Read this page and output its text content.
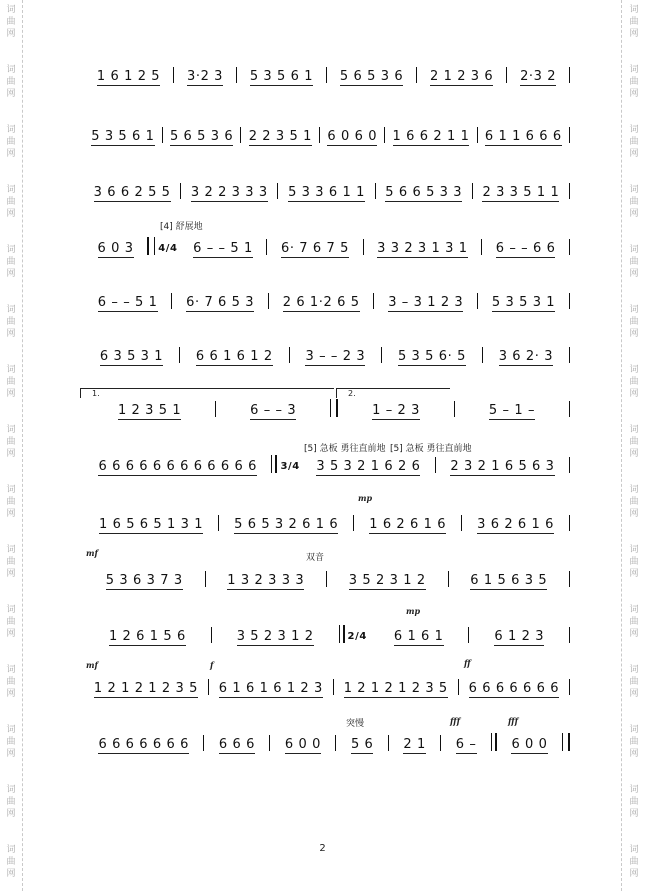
词
曲
网
词
曲
网
词
曲
网
词
曲
网
词
曲
网
词
曲
网
词
曲
网
词
曲
网
词
曲
网
词
曲
网
词
曲
网
词
曲
网
词
曲
网
词
曲
网
词
曲
网
词
曲
网
词
曲
网
词
曲
网
词
曲
网
词
曲
网
词
曲
网
词
曲
网
词
曲
网
词
曲
网
词
曲
网
词
曲
网
词
曲
网
词
曲
网
词
曲
网
词
曲
网
[4] 舒展地
[5] 急板 勇往直前地 [5] 急板 勇往直前地
双音
突慢
mp
mf
mp
mf	f	ff
fff	fff
1.	2.
1 6 1 2 5 3·2 3 5 3 5 6 1 5 6 5 3 6 2 1 2 3 6 2·3 2
5 3 5 6 1 5 6 5 3 6 2 2 3 5 1 6 0 6 0 1 6 6 2 1 1 6 1 1 6 6 6
3 6 6 2 5 5 3 2 2 3 3 3 5 3 3 6 1 1 5 6 6 5 3 3 2 3 3 5 1 1
6 0 3 4/4 6 – – 5 1 6· 7 6 7 5 3 3 2 3 1 3 1 6 – – 6 6
6 – – 5 1 6· 7 6 5 3 2 6 1·2 6 5 3 – 3 1 2 3 5 3 5 3 1
6 3 5 3 1	6 6 1 6 1 2	3 – – 2 3	5 3 5 6· 5	3 6 2· 3
1 2 3 5 1	6 – – 3	1 – 2 3	5 – 1 –
6 6 6 6 6 6 6 6 6 6 6 6 3/4 3 5 3 2 1 6 2 6 2 3 2 1 6 5 6 3
1 6 5 6 5 1 3 1 5 6 5 3 2 6 1 6 1 6 2 6 1 6 3 6 2 6 1 6
5 3 6 3 7 3	1 3 2 3 3 3	3 5 2 3 1 2	6 1 5 6 3 5
1 2 6 1 5 6	3 5 2 3 1 2	2/4 6 1 6 1	6 1 2 3
1 2 1 2 1 2 3 5 6 1 6 1 6 1 2 3 1 2 1 2 1 2 3 5 6 6 6 6 6 6 6
6 6 6 6 6 6 6 6 6 6 6 0 0 5 6 2 1 6 –	6 0 0
2
